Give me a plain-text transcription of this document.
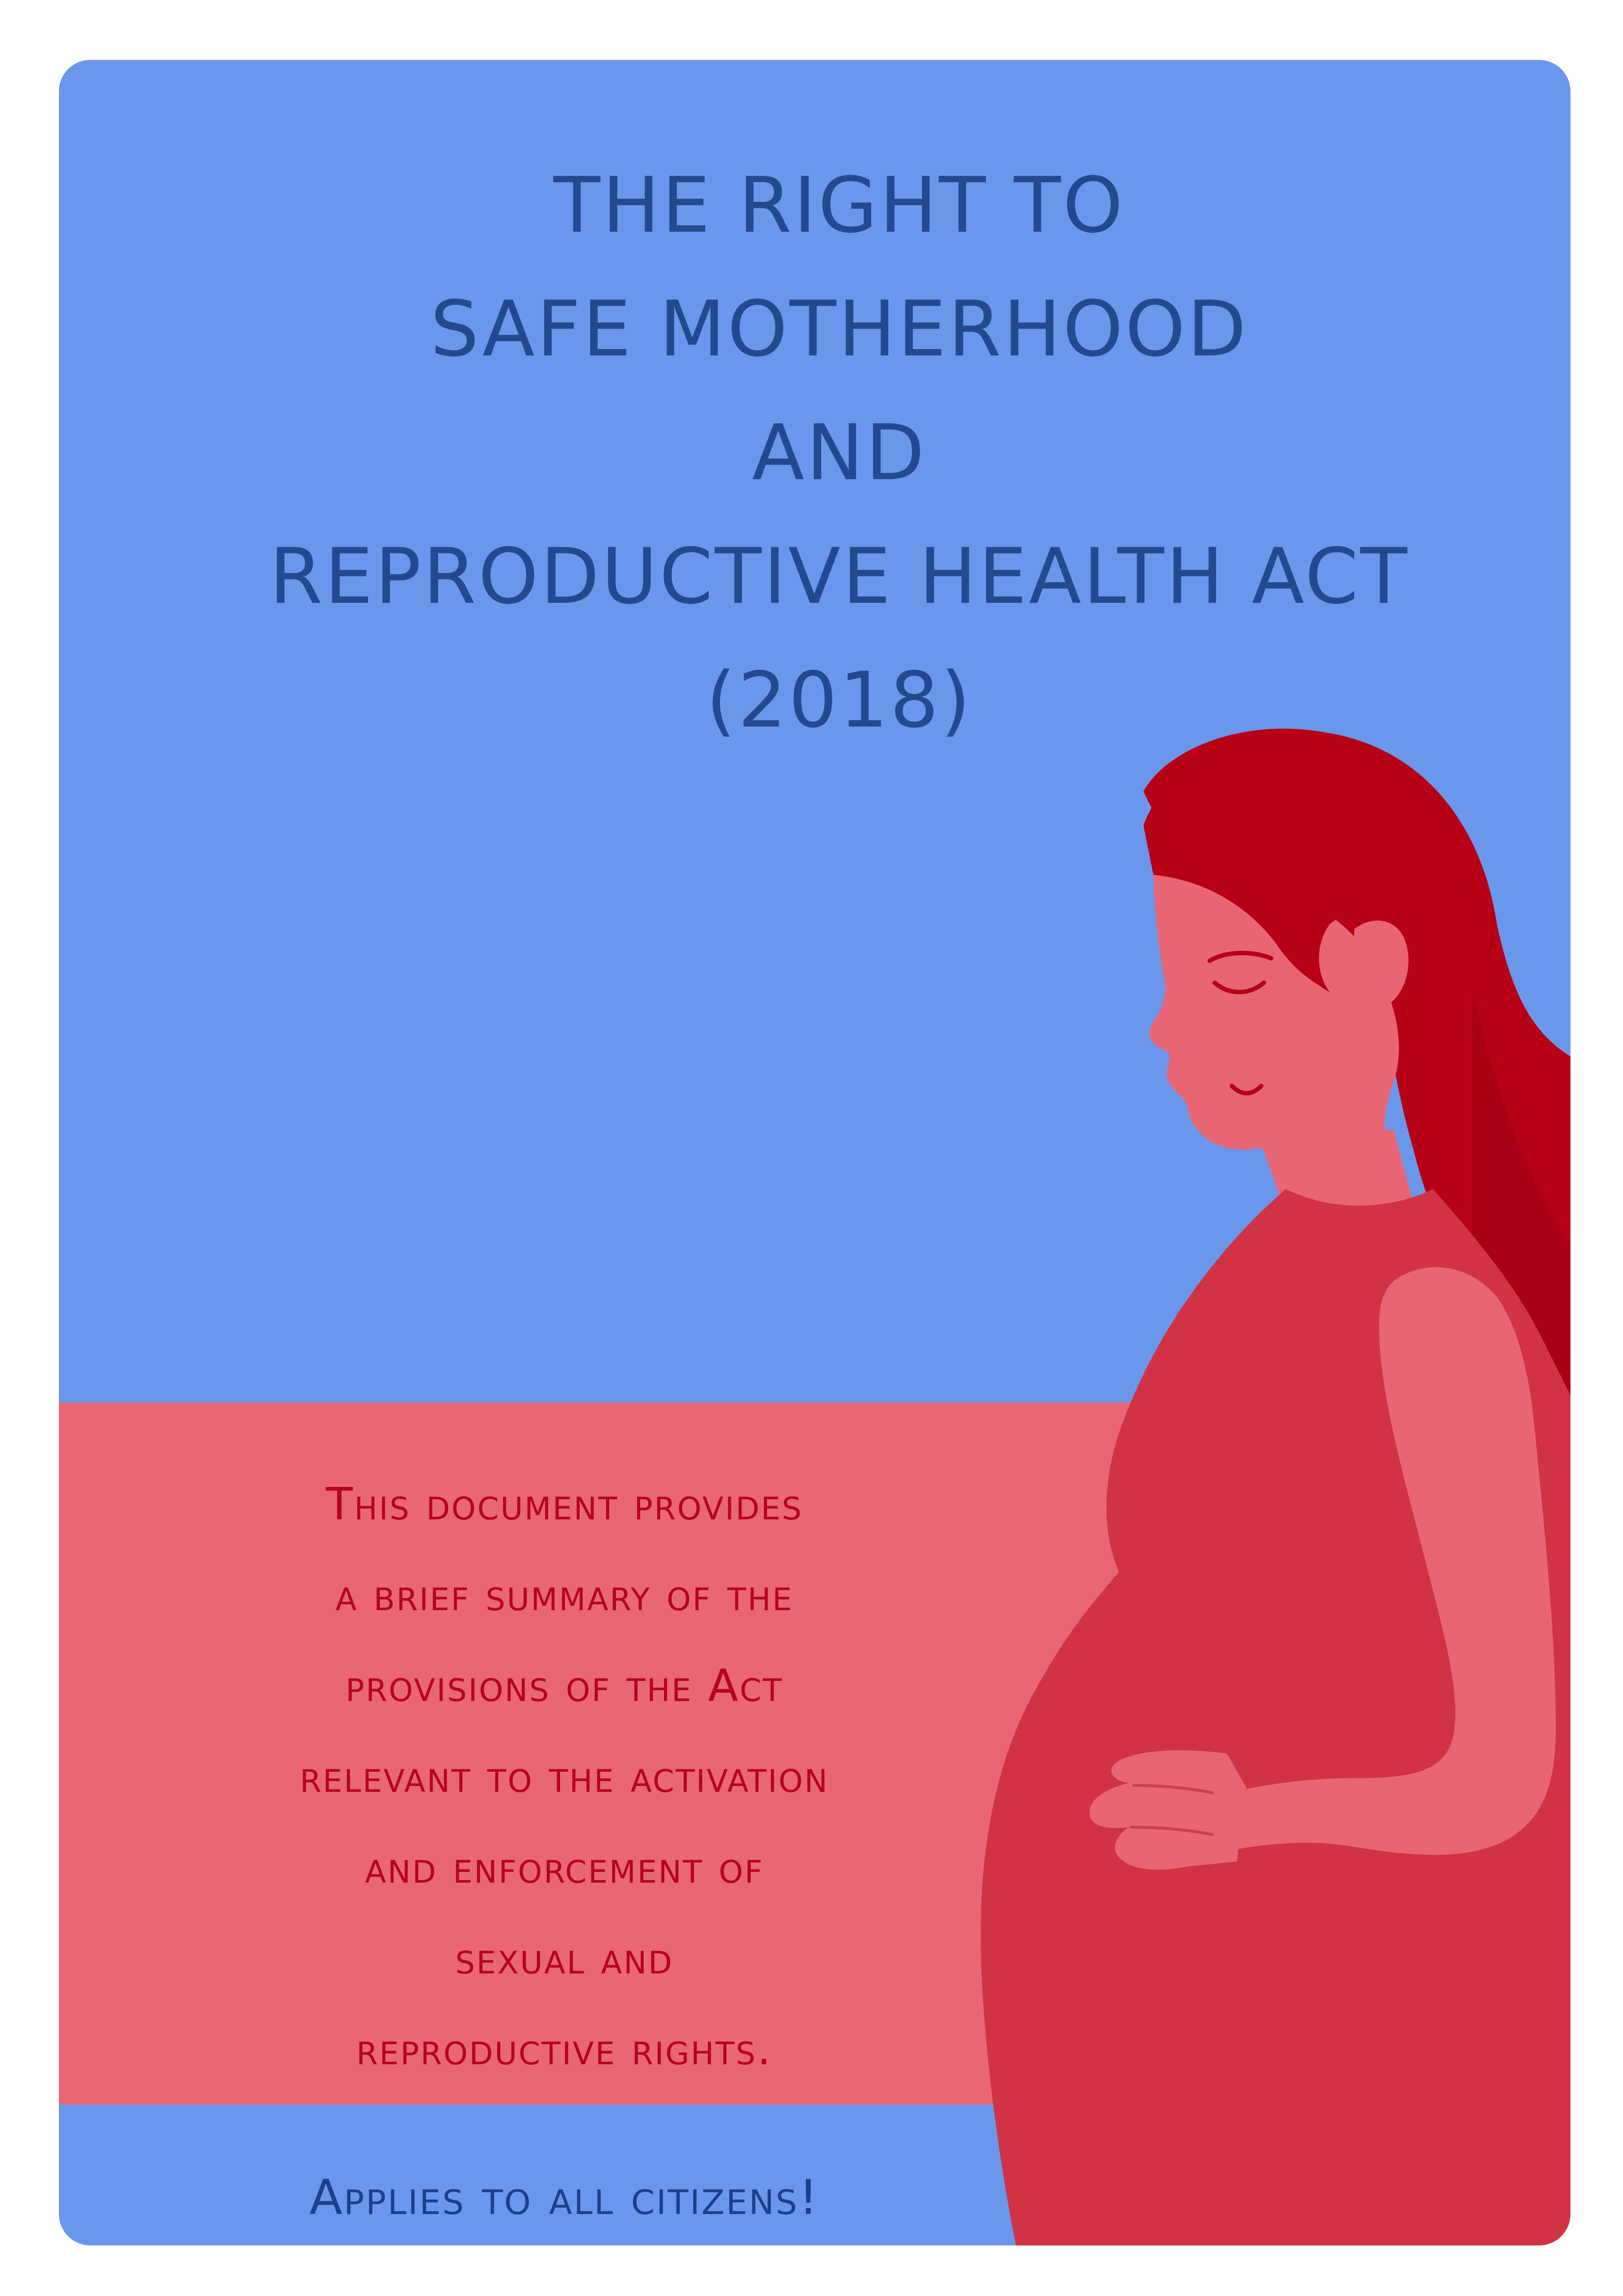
THE RIGHT TO
SAFE MOTHERHOOD
AND
REPRODUCTIVE HEALTH ACT
(2018)

This document provides
a brief summary of the
provisions of the Act
relevant to the activation
and enforcement of
sexual and
reproductive rights.

Applies to all citizens!
